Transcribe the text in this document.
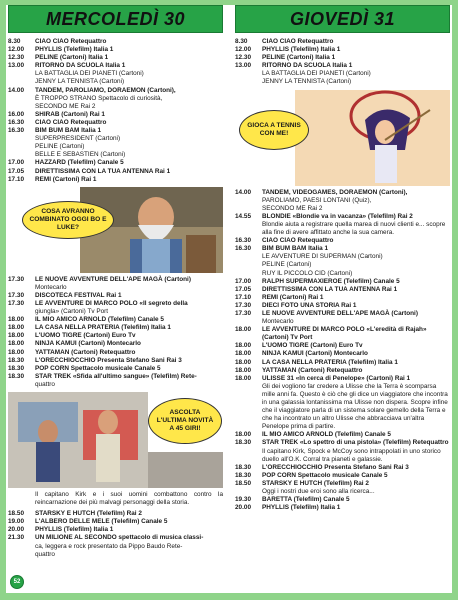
MERCOLEDÌ 30
8.30	CIAO CIAO Retequattro
12.00	PHYLLIS (Telefilm) Italia 1
12.30	PELINE (Cartoni) Italia 1
13.00	RITORNO DA SCUOLA Italia 1
LA BATTAGLIA DEI PIANETI (Cartoni)
JENNY LA TENNISTA (Cartoni)
14.00	TANDEM, PAROLIAMO, DORAEMON (Cartoni),
È TROPPO STRANO Spettacolo di curiosità,
SECONDO ME Rai 2
16.00	SHIRAB (Cartoni) Rai 1
16.30	CIAO CIAO Retequattro
16.30	BIM BUM BAM Italia 1
SUPERPRESIDENT (Cartoni)
PELINE (Cartoni)
BELLE E SEBASTIEN (Cartoni)
17.00	HAZZARD (Telefilm) Canale 5
17.05	DIRETTISSIMA CON LA TUA ANTENNA Rai 1
17.10	REMI (Cartoni) Rai 1
COSA AVRANNO COMBINATO OGGI BO E LUKE?
17.30	LE NUOVE AVVENTURE DELL'APE MAGÀ (Cartoni)
Montecarlo
17.30	DISCOTECA FESTIVAL Rai 1
17.30	LE AVVENTURE DI MARCO POLO «Il segreto della
giungla» (Cartoni) Tv Port
18.00	IL MIO AMICO ARNOLD (Telefilm) Canale 5
18.00	LA CASA NELLA PRATERIA (Telefilm) Italia 1
18.00	L'UOMO TIGRE (Cartoni) Euro Tv
18.00	NINJA KAMUI (Cartoni) Montecarlo
18.00	YATTAMAN (Cartoni) Retequattro
18.30	L'ORECCHIOCCHIO Presenta Stefano Sani Rai 3
18.30	POP CORN Spettacolo musicale Canale 5
18.30	STAR TREK «Sfida all'ultimo sangue» (Telefilm) Rete-
quattro
ASCOLTA L'ULTIMA NOVITÀ A 45 GIRI!
Il capitano Kirk e i suoi uomini combattono contro la reincarnazione dei più malvagi personaggi della storia.
18.50	STARSKY E HUTCH (Telefilm) Rai 2
19.00	L'ALBERO DELLE MELE (Telefilm) Canale 5
20.00	PHYLLIS (Telefilm) Italia 1
21.30	UN MILIONE AL SECONDO spettacolo di musica classi-
ca, leggera e rock presentato da Pippo Baudo Rete-
quattro
GIOVEDÌ 31
8.30	CIAO CIAO Retequattro
12.00	PHYLLIS (Telefilm) Italia 1
12.30	PELINE (Cartoni) Italia 1
13.00	RITORNO DA SCUOLA Italia 1
LA BATTAGLIA DEI PIANETI (Cartoni)
JENNY LA TENNISTA (Cartoni)
GIOCA A TENNIS CON ME!
14.00	TANDEM, VIDEOGAMES, DORAEMON (Cartoni),
PAROLIAMO, PAESI LONTANI (Quiz),
SECONDO ME Rai 2
14.55	BLONDIE «Blondie va in vacanza» (Telefilm) Rai 2
Blondie aiuta a registrare quella marea di nuovi clienti e... scopre alla fine di avere affittato anche la sua camera.
16.30	CIAO CIAO Retequattro
16.30	BIM BUM BAM Italia 1
LE AVVENTURE DI SUPERMAN (Cartoni)
PELINE (Cartoni)
RUY IL PICCOLO CID (Cartoni)
17.00	RALPH SUPERMAXIEROE (Telefilm) Canale 5
17.05	DIRETTISSIMA CON LA TUA ANTENNA Rai 1
17.10	REMI (Cartoni) Rai 1
17.30	DIECI FOTO UNA STORIA Rai 1
17.30	LE NUOVE AVVENTURE DELL'APE MAGÀ (Cartoni)
Montecarlo
18.00	LE AVVENTURE DI MARCO POLO «L'eredità di Rajah» (Cartoni) Tv Port
18.00	L'UOMO TIGRE (Cartoni) Euro Tv
18.00	NINJA KAMUI (Cartoni) Montecarlo
18.00	LA CASA NELLA PRATERIA (Telefilm) Italia 1
18.00	YATTAMAN (Cartoni) Retequattro
18.00	ULISSE 31 «In cerca di Penelope» (Cartoni) Rai 1
Gli dei vogliono far credere a Ulisse che la Terra è scomparsa mille anni fa. Questo è ciò che gli dice un viaggiatore che incontra in una galassia lontanissima ma Ulisse non dispera. Scopre infine che il viaggiatore parla di un sistema solare gemello della Terra e che ha incontrato un altro Ulisse che abbracciava un'altra Penelope prima di partire.
18.00	IL MIO AMICO ARNOLD (Telefilm) Canale 5
18.30	STAR TREK «Lo spettro di una pistola» (Telefilm) Retequattro
Il capitano Kirk, Spock e McCoy sono intrappolati in uno storico duello all'O.K. Corral tra pianeti e galassie.
18.30	L'ORECCHIOCCHIO Presenta Stefano Sani Rai 3
18.30	POP CORN Spettacolo musicale Canale 5
18.50	STARSKY E HUTCH (Telefilm) Rai 2
Oggi i nostri due eroi sono alla ricerca...
19.30	BARETTA (Telefilm) Canale 5
20.00	PHYLLIS (Telefilm) Italia 1
52
